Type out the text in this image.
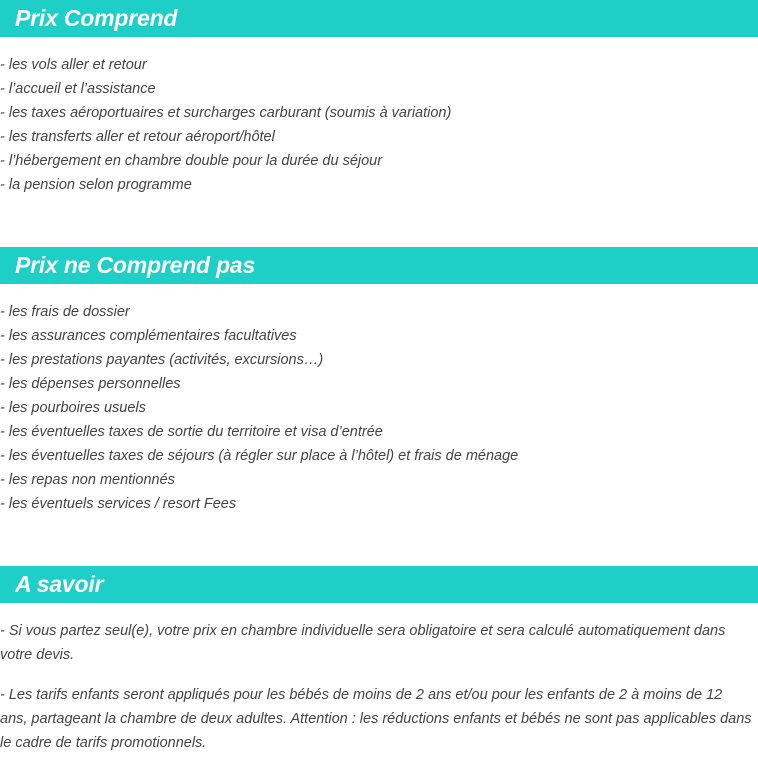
Prix Comprend
- les vols aller et retour
- l’accueil et l’assistance
- les taxes aéroportuaires et surcharges carburant (soumis à variation)
- les transferts aller et retour aéroport/hôtel
- l’hébergement en chambre double pour la durée du séjour
- la pension selon programme
Prix ne Comprend pas
- les frais de dossier
- les assurances complémentaires facultatives
- les prestations payantes (activités, excursions…)
- les dépenses personnelles
- les pourboires usuels
- les éventuelles taxes de sortie du territoire et visa d’entrée
- les éventuelles taxes de séjours (à régler sur place à l’hôtel) et frais de ménage
- les repas non mentionnés
- les éventuels services / resort Fees
A savoir

- Si vous partez seul(e), votre prix en chambre individuelle sera obligatoire et sera calculé automatiquement dans votre devis.

- Les tarifs enfants seront appliqués pour les bébés de moins de 2 ans et/ou pour les enfants de 2 à moins de 12 ans, partageant la chambre de deux adultes. Attention : les réductions enfants et bébés ne sont pas applicables dans le cadre de tarifs promotionnels.
